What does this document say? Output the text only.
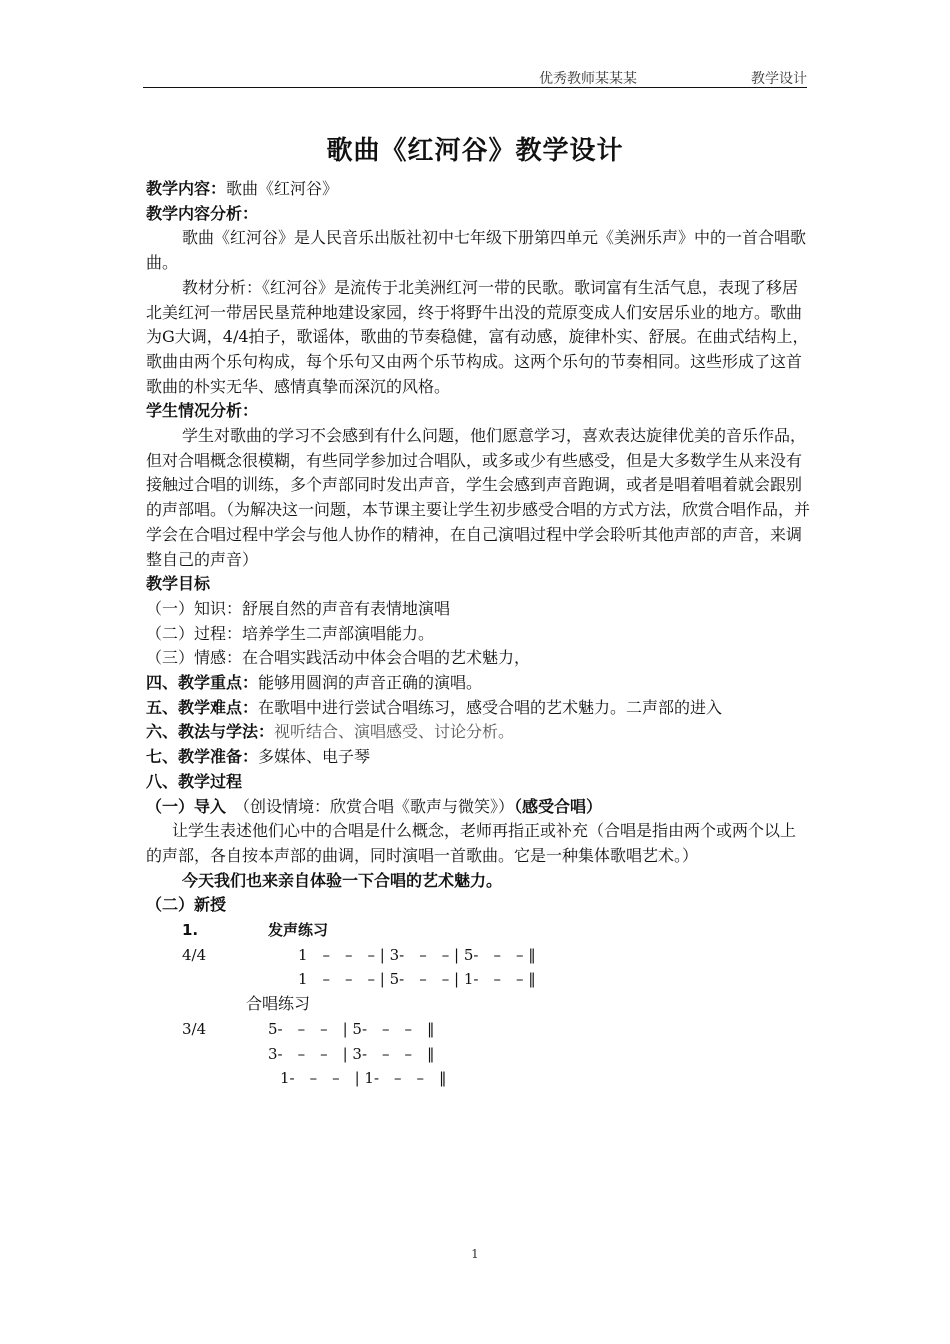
优秀教师某某某	教学设计
歌曲《红河谷》教学设计

教学内容：歌曲《红河谷》

教学内容分析：

歌曲《红河谷》是人民音乐出版社初中七年级下册第四单元《美洲乐声》中的一首合唱歌曲。

教材分析：《红河谷》是流传于北美洲红河一带的民歌。歌词富有生活气息，表现了移居北美红河一带居民垦荒种地建设家园，终于将野牛出没的荒原变成人们安居乐业的地方。歌曲为G大调，4/4拍子，歌谣体，歌曲的节奏稳健，富有动感，旋律朴实、舒展。在曲式结构上，歌曲由两个乐句构成，每个乐句又由两个乐节构成。这两个乐句的节奏相同。这些形成了这首歌曲的朴实无华、感情真挚而深沉的风格。

学生情况分析：

学生对歌曲的学习不会感到有什么问题，他们愿意学习，喜欢表达旋律优美的音乐作品，但对合唱概念很模糊，有些同学参加过合唱队，或多或少有些感受，但是大多数学生从来没有接触过合唱的训练，多个声部同时发出声音，学生会感到声音跑调，或者是唱着唱着就会跟别的声部唱。（为解决这一问题，本节课主要让学生初步感受合唱的方式方法，欣赏合唱作品，并学会在合唱过程中学会与他人协作的精神，在自己演唱过程中学会聆听其他声部的声音，来调整自己的声音）

教学目标

（一）知识：舒展自然的声音有表情地演唱

（二）过程：培养学生二声部演唱能力。

（三）情感：在合唱实践活动中体会合唱的艺术魅力，

四、教学重点：能够用圆润的声音正确的演唱。

五、教学难点：在歌唱中进行尝试合唱练习，感受合唱的艺术魅力。二声部的进入

六、教法与学法：视听结合、演唱感受、讨论分析。

七、教学准备：多媒体、电子琴

八、教学过程

（一）导入　 （创设情境：欣赏合唱《歌声与微笑》）（感受合唱）

让学生表述他们心中的合唱是什么概念，老师再指正或补充（合唱是指由两个或两个以上的声部，各自按本声部的曲调，同时演唱一首歌曲。它是一种集体歌唱艺术。）

今天我们也来亲自体验一下合唱的艺术魅力。

（二）新授

1.

	发声练习

4/4

	1　–　–　– | 3-　–　– | 5-　–　– ‖

1　–　–　– | 5-　–　– | 1-　–　– ‖

合唱练习

3/4

	5-　–　–　| 5-　–　–　‖

3-　–　–　| 3-　–　–　‖

1-　–　–　| 1-　–　–　‖

1
